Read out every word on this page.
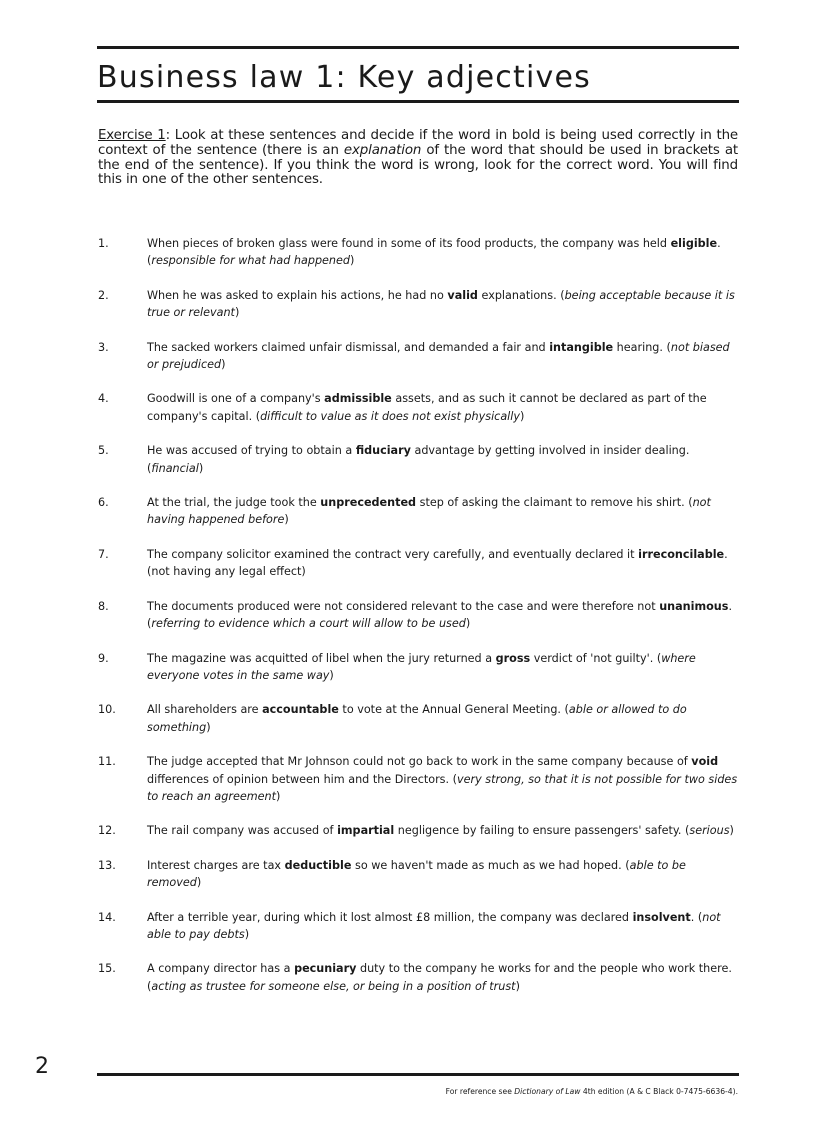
Business law 1: Key adjectives

Exercise 1: Look at these sentences and decide if the word in bold is being used correctly in the context of the sentence (there is an explanation of the word that should be used in brackets at the end of the sentence). If you think the word is wrong, look for the correct word. You will find this in one of the other sentences.

1.	When pieces of broken glass were found in some of its food products, the company was held eligible. (responsible for what had happened)
2.	When he was asked to explain his actions, he had no valid explanations. (being acceptable because it is true or relevant)
3.	The sacked workers claimed unfair dismissal, and demanded a fair and intangible hearing. (not biased or prejudiced)
4.	Goodwill is one of a company's admissible assets, and as such it cannot be declared as part of the company's capital. (difficult to value as it does not exist physically)
5.	He was accused of trying to obtain a fiduciary advantage by getting involved in insider dealing. (financial)
6.	At the trial, the judge took the unprecedented step of asking the claimant to remove his shirt. (not having happened before)
7.	The company solicitor examined the contract very carefully, and eventually declared it irreconcilable. (not having any legal effect)
8.	The documents produced were not considered relevant to the case and were therefore not unanimous. (referring to evidence which a court will allow to be used)
9.	The magazine was acquitted of libel when the jury returned a gross verdict of 'not guilty'. (where everyone votes in the same way)
10.	All shareholders are accountable to vote at the Annual General Meeting. (able or allowed to do something)
11.	The judge accepted that Mr Johnson could not go back to work in the same company because of void differences of opinion between him and the Directors. (very strong, so that it is not possible for two sides to reach an agreement)
12.	The rail company was accused of impartial negligence by failing to ensure passengers' safety. (serious)
13.	Interest charges are tax deductible so we haven't made as much as we had hoped. (able to be removed)
14.	After a terrible year, during which it lost almost £8 million, the company was declared insolvent. (not able to pay debts)
15.	A company director has a pecuniary duty to the company he works for and the people who work there. (acting as trustee for someone else, or being in a position of trust)
2
For reference see Dictionary of Law 4th edition (A & C Black 0-7475-6636-4).
